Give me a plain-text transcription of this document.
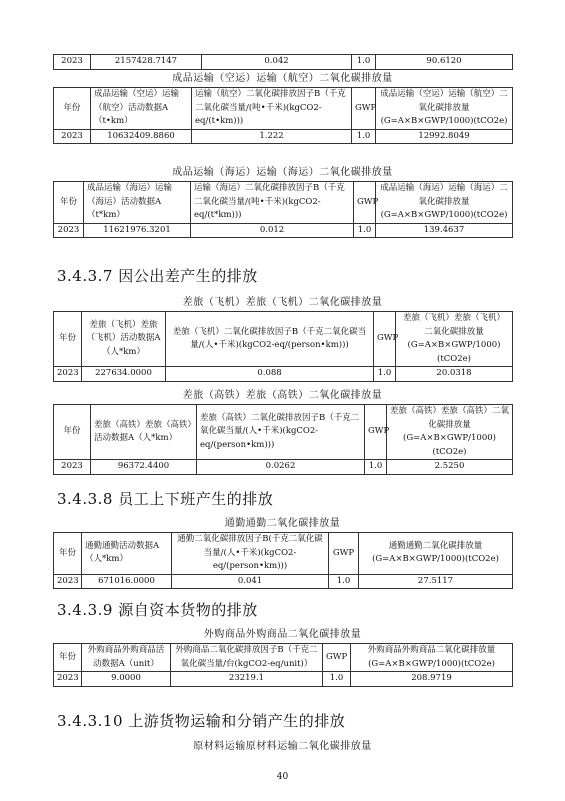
2023	2157428.7147	0.042	1.0	90.6120
成品运输（空运）运输（航空）二氧化碳排放量
年份	成品运输（空运）运输（航空）活动数据A（t•km）	运输（航空）二氧化碳排放因子B（千克二氧化碳当量/(吨•千米)(kgCO2-eq/(t•km)))	GWP	成品运输（空运）运输（航空）二氧化碳排放量(G=A×B×GWP/1000)(tCO2e)
2023	10632409.8860	1.222	1.0	12992.8049
成品运输（海运）运输（海运）二氧化碳排放量
年份	成品运输（海运）运输（海运）活动数据A（t*km）	运输（海运）二氧化碳排放因子B（千克二氧化碳当量/(吨•千米)(kgCO2-eq/(t*km)))	GWP	成品运输（海运）运输（海运）二氧化碳排放量(G=A×B×GWP/1000)(tCO2e)
2023	11621976.3201	0.012	1.0	139.4637
3.4.3.7 因公出差产生的排放
差旅（飞机）差旅（飞机）二氧化碳排放量
年份	差旅（飞机）差旅（飞机）活动数据A（人*km）	差旅（飞机）二氧化碳排放因子B（千克二氧化碳当量/(人•千米)(kgCO2-eq/(person•km)))	GWP	差旅（飞机）差旅（飞机）二氧化碳排放量(G=A×B×GWP/1000)(tCO2e)
2023	227634.0000	0.088	1.0	20.0318
差旅（高铁）差旅（高铁）二氧化碳排放量
年份	差旅（高铁）差旅（高铁）活动数据A（人*km）	差旅（高铁）二氧化碳排放因子B（千克二氧化碳当量/(人•千米)(kgCO2-eq/(person•km)))	GWP	差旅（高铁）差旅（高铁）二氧化碳排放量(G=A×B×GWP/1000)(tCO2e)
2023	96372.4400	0.0262	1.0	2.5250
3.4.3.8 员工上下班产生的排放
通勤通勤二氧化碳排放量
年份	通勤通勤活动数据A（人*km）	通勤二氧化碳排放因子B(千克二氧化碳当量/(人•千米)(kgCO2-eq/(person•km)))	GWP	通勤通勤二氧化碳排放量(G=A×B×GWP/1000)(tCO2e)
2023	671016.0000	0.041	1.0	27.5117
3.4.3.9 源自资本货物的排放
外购商品外购商品二氧化碳排放量
年份	外购商品外购商品活动数据A（unit）	外购商品二氧化碳排放因子B（千克二氧化碳当量/台(kgCO2-eq/unit)）	GWP	外购商品外购商品二氧化碳排放量(G=A×B×GWP/1000)(tCO2e)
2023	9.0000	23219.1	1.0	208.9719
3.4.3.10 上游货物运输和分销产生的排放
原材料运输原材料运输二氧化碳排放量
40
